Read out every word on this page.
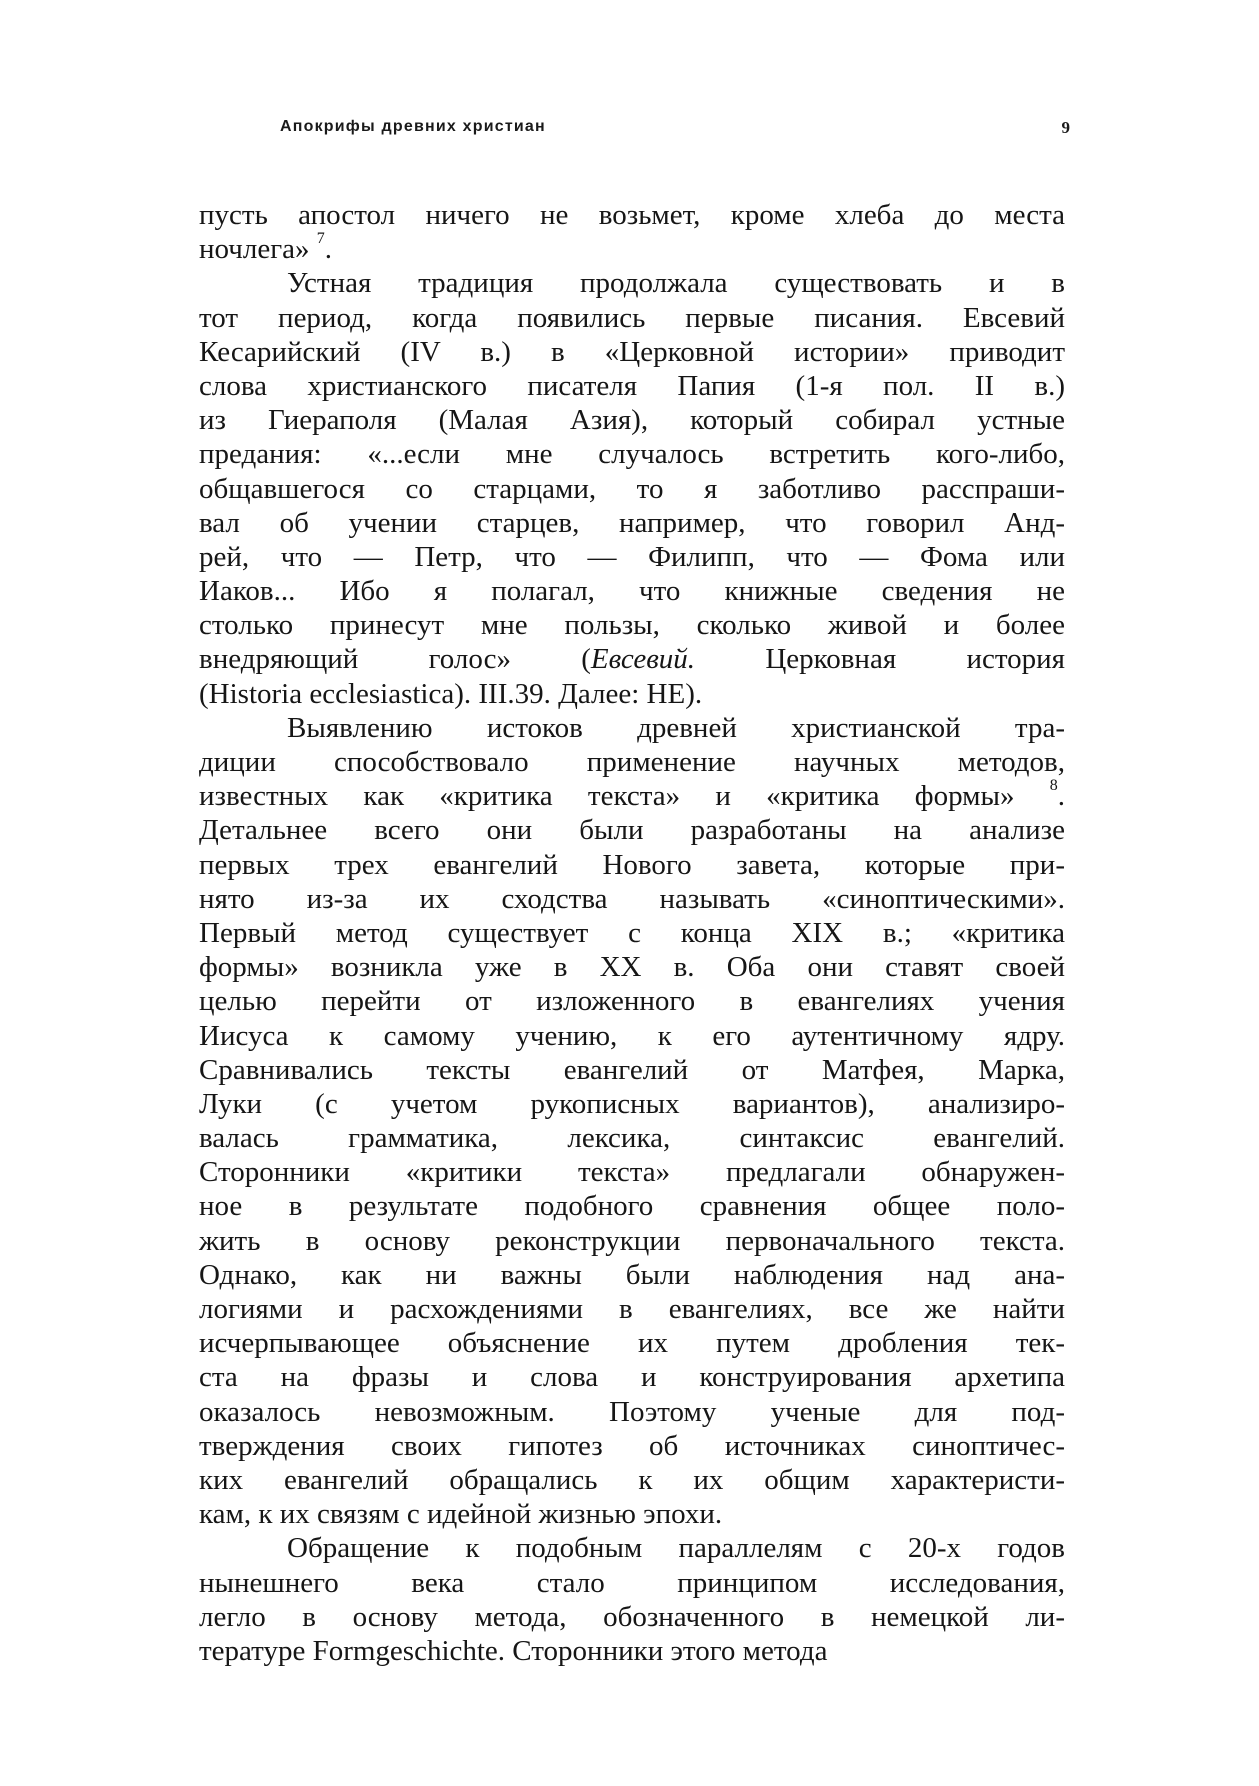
Апокрифы древних христиан	9
пусть апостол ничего не возьмет, кроме хлеба до места
ночлега» $^7$.
Устная традиция продолжала существовать и в
тот период, когда появились первые писания. Евсевий
Кесарийский (IV в.) в «Церковной истории» приводит
слова христианского писателя Папия (1-я пол. II в.)
из Гиераполя (Малая Азия), который собирал устные
предания: «...если мне случалось встретить кого-либо,
общавшегося со старцами, то я заботливо расспраши-
вал об учении старцев, например, что говорил Анд-
рей, что — Петр, что — Филипп, что — Фома или
Иаков... Ибо я полагал, что книжные сведения не
столько принесут мне пользы, сколько живой и более
внедряющий голос» (Евсевий. Церковная история
(Historia ecclesiastica). III.39. Далее: HE).
Выявлению истоков древней христианской тра-
диции способствовало применение научных методов,
известных как «критика текста» и «критика формы» $^8$.
Детальнее всего они были разработаны на анализе
первых трех евангелий Нового завета, которые при-
нято из-за их сходства называть «синоптическими».
Первый метод существует с конца XIX в.; «критика
формы» возникла уже в XX в. Оба они ставят своей
целью перейти от изложенного в евангелиях учения
Иисуса к самому учению, к его аутентичному ядру.
Сравнивались тексты евангелий от Матфея, Марка,
Луки (с учетом рукописных вариантов), анализиро-
валась грамматика, лексика, синтаксис евангелий.
Сторонники «критики текста» предлагали обнаружен-
ное в результате подобного сравнения общее поло-
жить в основу реконструкции первоначального текста.
Однако, как ни важны были наблюдения над ана-
логиями и расхождениями в евангелиях, все же найти
исчерпывающее объяснение их путем дробления тек-
ста на фразы и слова и конструирования архетипа
оказалось невозможным. Поэтому ученые для под-
тверждения своих гипотез об источниках синоптичес-
ких евангелий обращались к их общим характеристи-
кам, к их связям с идейной жизнью эпохи.
Обращение к подобным параллелям с 20-х годов
нынешнего века стало принципом исследования,
легло в основу метода, обозначенного в немецкой ли-
тературе Formgeschichte. Сторонники этого метода
